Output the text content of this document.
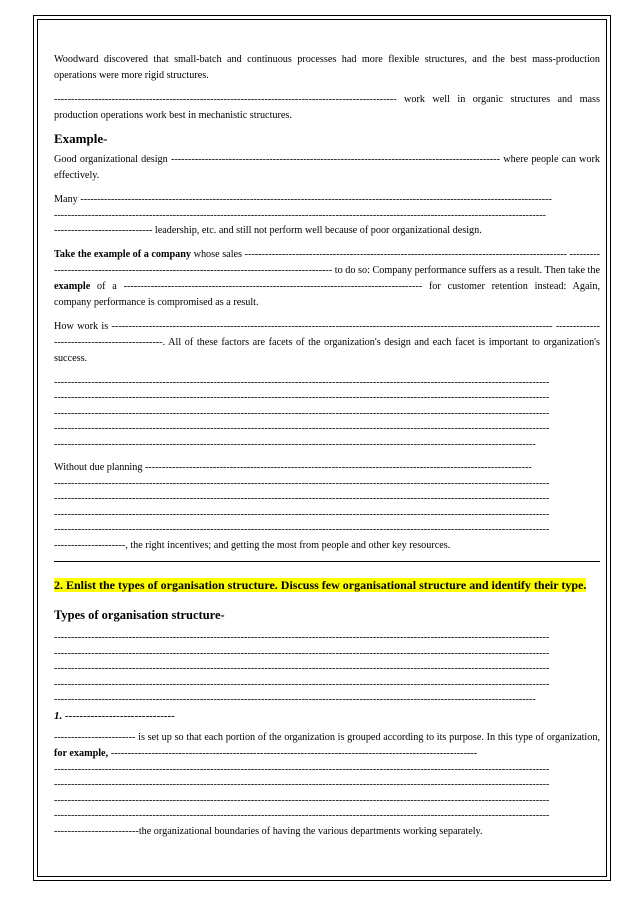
Woodward discovered that small‐batch and continuous processes had more flexible structures, and the best mass‐production operations were more rigid structures.

----------------------------------------------------------------------------------------------------- work well in organic structures and mass production operations work best in mechanistic structures.

Example-

Good organizational design ------------------------------------------------------------------------------------------------- where people can work effectively.

Many -------------------------------------------------------------------------------------------------------------------------------------------
-------------------------------------------------------------------------------------------------------------------------------------------------
----------------------------- leadership, etc. and still not perform well because of poor organizational design.

Take the example of a company whose sales ----------------------------------------------------------------------------------------------- ------------------------------------------------------------------------------------------- to do so: Company performance suffers as a result. Then take the example of a ---------------------------------------------------------------------------------------- for customer retention instead: Again, company performance is compromised as a result.

How work is ---------------------------------------------------------------------------------------------------------------------------------- ---------------------------------------------. All of these factors are facets of the organization's design and each facet is important to organization's success.

--------------------------------------------------------------------------------------------------------------------------------------------------
--------------------------------------------------------------------------------------------------------------------------------------------------
--------------------------------------------------------------------------------------------------------------------------------------------------
--------------------------------------------------------------------------------------------------------------------------------------------------
----------------------------------------------------------------------------------------------------------------------------------------------
Without due planning ------------------------------------------------------------------------------------------------------------------
--------------------------------------------------------------------------------------------------------------------------------------------------
--------------------------------------------------------------------------------------------------------------------------------------------------
--------------------------------------------------------------------------------------------------------------------------------------------------
--------------------------------------------------------------------------------------------------------------------------------------------------
---------------------, the right incentives; and getting the most from people and other key resources.

2. Enlist the types of organisation structure. Discuss few organisational structure and identify their type.

Types of organisation structure-
--------------------------------------------------------------------------------------------------------------------------------------------------
--------------------------------------------------------------------------------------------------------------------------------------------------
--------------------------------------------------------------------------------------------------------------------------------------------------
--------------------------------------------------------------------------------------------------------------------------------------------------
----------------------------------------------------------------------------------------------------------------------------------------------
1. ------------------------------

------------------------ is set up so that each portion of the organization is grouped according to its purpose. In this type of organization, for example, ------------------------------------------------------------------------------------------------------------

--------------------------------------------------------------------------------------------------------------------------------------------------
--------------------------------------------------------------------------------------------------------------------------------------------------
--------------------------------------------------------------------------------------------------------------------------------------------------
--------------------------------------------------------------------------------------------------------------------------------------------------
-------------------------the organizational boundaries of having the various departments working separately.
